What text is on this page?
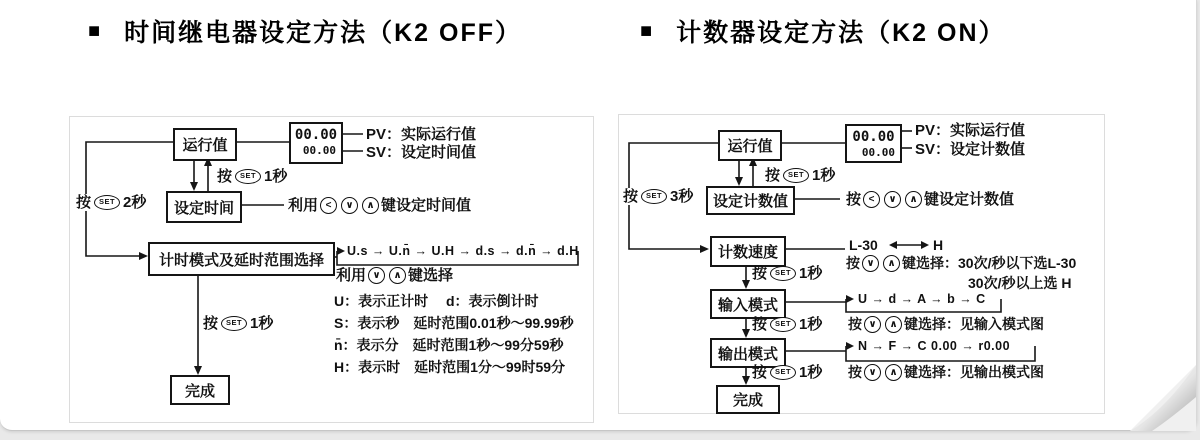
■ 时间继电器设定方法（K2 OFF）	■ 计数器设定方法（K2 ON）
运行值
00.00
00.00
PV：实际运行值
SV：设定时间值
按	SET 1秒
设定时间	利用 <	∨	∧ 键设定时间值
按	SET 2秒
计时模式及延时范围选择
U.s → U.n̄ → U.H → d.s → d.n̄ → d.H
利用 ∨	∧ 键选择
U：表示正计时　 d：表示倒计时
S：表示秒　延时范围0.01秒～99.99秒
n̄：表示分　延时范围1秒～99分59秒
H：表示时　延时范围1分～99时59分
按	SET 1秒
完成
运行值
00.00
00.00
PV：实际运行值
SV：设定计数值
按	SET 1秒
设定计数值	按 <	∨	∧ 键设定计数值
按	SET 3秒
计数速度	L-30	H
按 ∨	∧ 键选择：30次/秒以下选L-30
30次/秒以上选 H
按	SET 1秒
输入模式	U → d → A → b → C
按 ∨	∧ 键选择：见输入模式图
按	SET 1秒
输出模式	N → F → C 0.00 → r0.00
按 ∨	∧ 键选择：见输出模式图
按	SET 1秒
完成
